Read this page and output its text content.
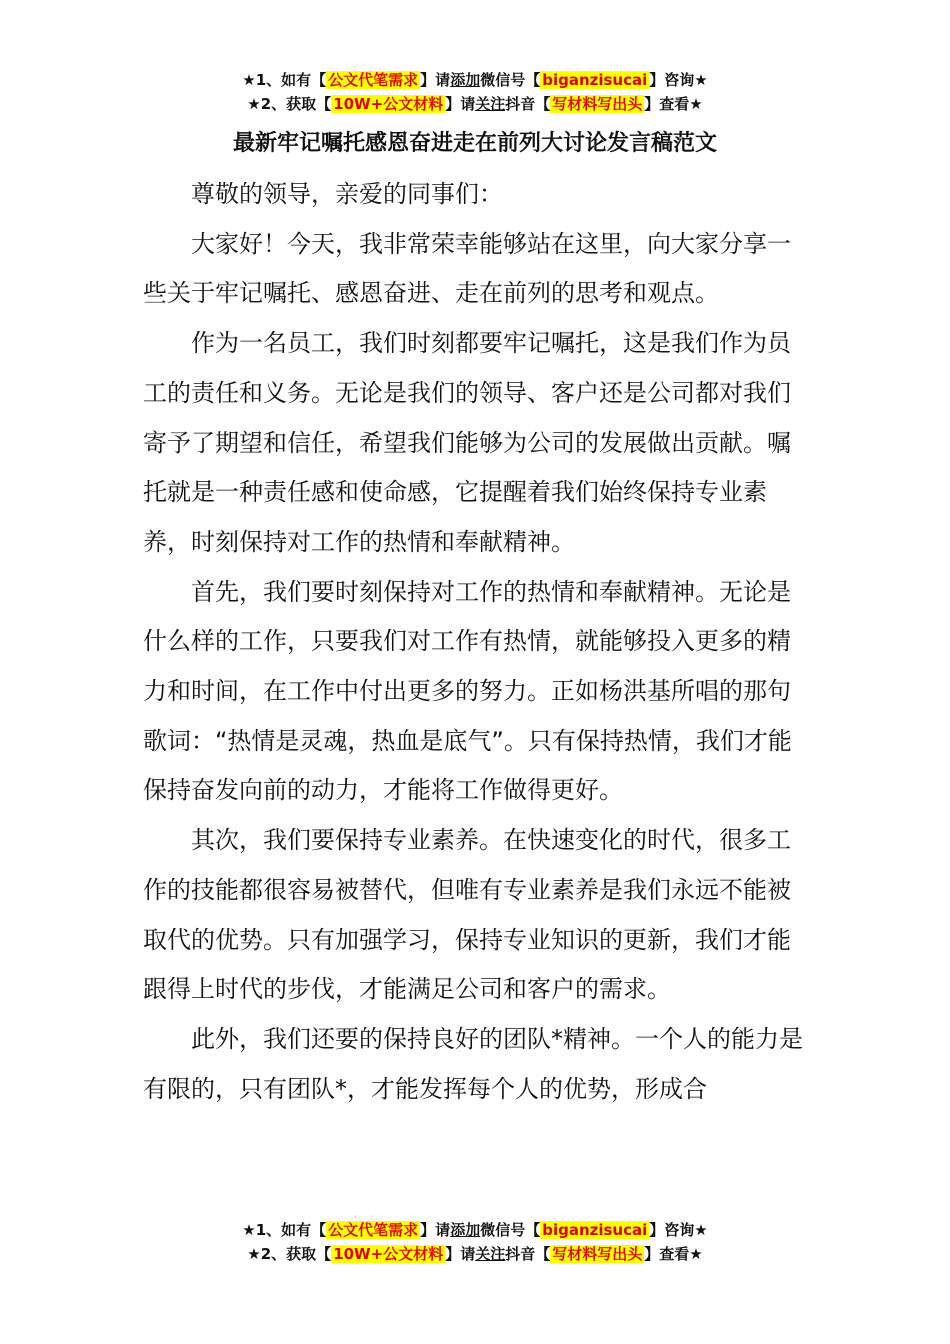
★1、如有【 公文代笔需求 】请添加微信号【 biganzisucai 】咨询★
★2、获取【 10W+公文材料 】请关注抖音【 写材料写出头 】查看★
最新牢记嘱托感恩奋进走在前列大讨论发言稿范文

尊敬的领导，亲爱的同事们：

大家好！今天，我非常荣幸能够站在这里，向大家分享一些关于牢记嘱托、感恩奋进、走在前列的思考和观点。

作为一名员工，我们时刻都要牢记嘱托，这是我们作为员工的责任和义务。无论是我们的领导、客户还是公司都对我们寄予了期望和信任，希望我们能够为公司的发展做出贡献。嘱托就是一种责任感和使命感，它提醒着我们始终保持专业素养，时刻保持对工作的热情和奉献精神。

首先，我们要时刻保持对工作的热情和奉献精神。无论是什么样的工作，只要我们对工作有热情，就能够投入更多的精力和时间，在工作中付出更多的努力。正如杨洪基所唱的那句歌词：“热情是灵魂，热血是底气”。只有保持热情，我们才能保持奋发向前的动力，才能将工作做得更好。

其次，我们要保持专业素养。在快速变化的时代，很多工作的技能都很容易被替代，但唯有专业素养是我们永远不能被取代的优势。只有加强学习，保持专业知识的更新，我们才能跟得上时代的步伐，才能满足公司和客户的需求。

此外，我们还要的保持良好的团队*精神。一个人的能力是有限的，只有团队*，才能发挥每个人的优势，形成合

★1、如有【 公文代笔需求 】请添加微信号【 biganzisucai 】咨询★
★2、获取【 10W+公文材料 】请关注抖音【 写材料写出头 】查看★
